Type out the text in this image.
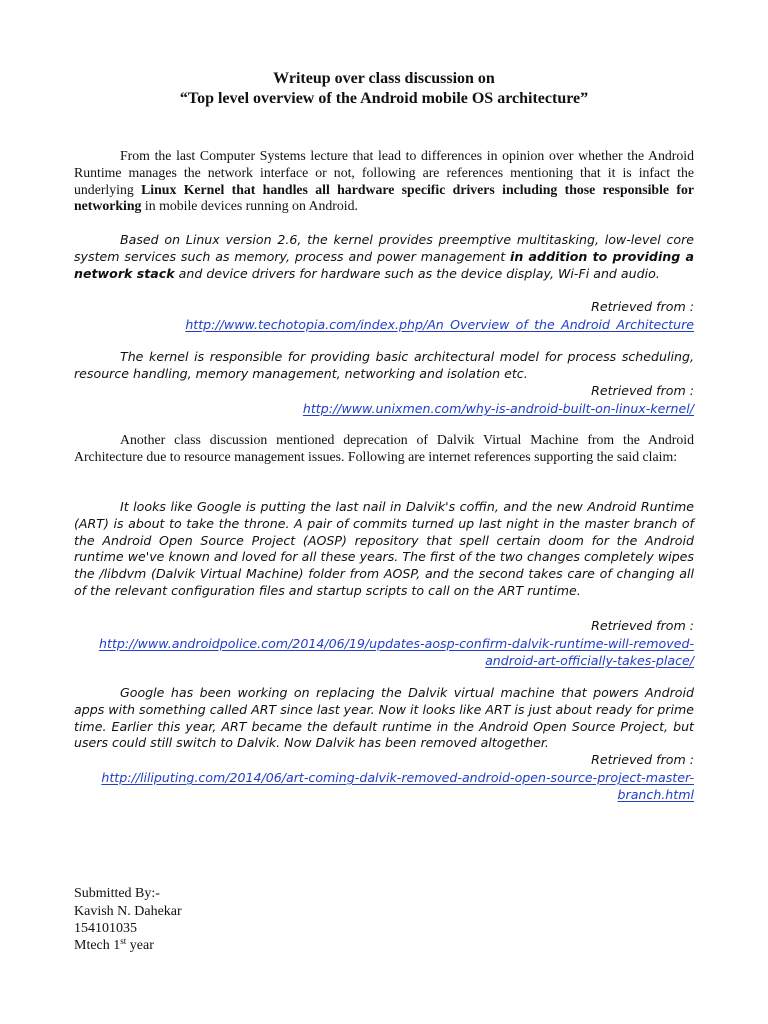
Writeup over class discussion on
“Top level overview of the Android mobile OS architecture”

From the last Computer Systems lecture that lead to differences in opinion over whether the Android Runtime manages the network interface or not, following are references mentioning that it is infact the underlying Linux Kernel that handles all hardware specific drivers including those responsible for networking in mobile devices running on Android.

Based on Linux version 2.6, the kernel provides preemptive multitasking, low-level core system services such as memory, process and power management in addition to providing a network stack and device drivers for hardware such as the device display, Wi-Fi and audio.

Retrieved from :
http://www.techotopia.com/index.php/An_Overview_of_the_Android_Architecture

The kernel is responsible for providing basic architectural model for process scheduling, resource handling, memory management, networking and isolation etc.

Retrieved from :
http://www.unixmen.com/why-is-android-built-on-linux-kernel/

Another class discussion mentioned deprecation of Dalvik Virtual Machine from the Android Architecture due to resource management issues. Following are internet references supporting the said claim:

It looks like Google is putting the last nail in Dalvik's coffin, and the new Android Runtime (ART) is about to take the throne. A pair of commits turned up last night in the master branch of the Android Open Source Project (AOSP) repository that spell certain doom for the Android runtime we've known and loved for all these years. The first of the two changes completely wipes the /libdvm (Dalvik Virtual Machine) folder from AOSP, and the second takes care of changing all of the relevant configuration files and startup scripts to call on the ART runtime.

Retrieved from :
http://www.androidpolice.com/2014/06/19/updates-aosp-confirm-dalvik-runtime-will-removed-
android-art-officially-takes-place/

Google has been working on replacing the Dalvik virtual machine that powers Android apps with something called ART since last year. Now it looks like ART is just about ready for prime time. Earlier this year, ART became the default runtime in the Android Open Source Project, but users could still switch to Dalvik. Now Dalvik has been removed altogether.

Retrieved from :
http://liliputing.com/2014/06/art-coming-dalvik-removed-android-open-source-project-master-
branch.html
Submitted By:-
Kavish N. Dahekar
154101035
Mtech 1st year
